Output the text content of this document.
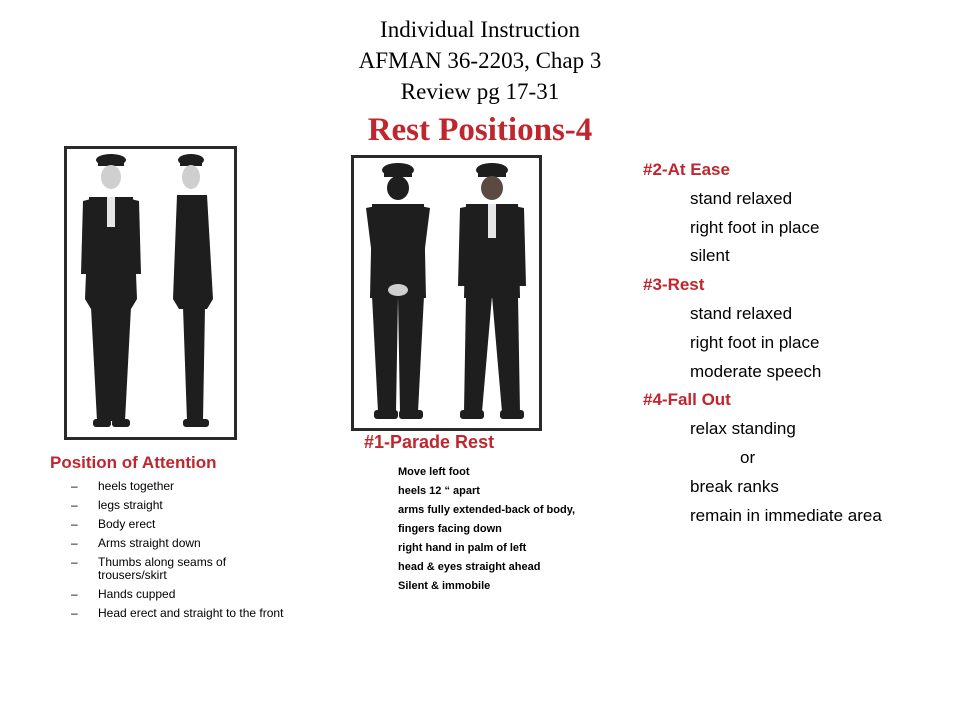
Individual Instruction
AFMAN 36-2203, Chap 3
Review pg 17-31
Rest Positions-4
Position of Attention
– heels together
– legs straight
– Body erect
– Arms straight down
– Thumbs along seams of trousers/skirt
– Hands cupped
– Head erect and straight to the front
#1-Parade Rest
Move left foot
heels 12 “ apart
arms fully extended-back of body,
fingers facing down
right hand in palm of left
head & eyes straight ahead
Silent & immobile
#2-At Ease
stand relaxed
right foot in place
silent
#3-Rest
stand relaxed
right foot in place
moderate speech
#4-Fall Out
relax standing
or
break ranks
remain in immediate area
